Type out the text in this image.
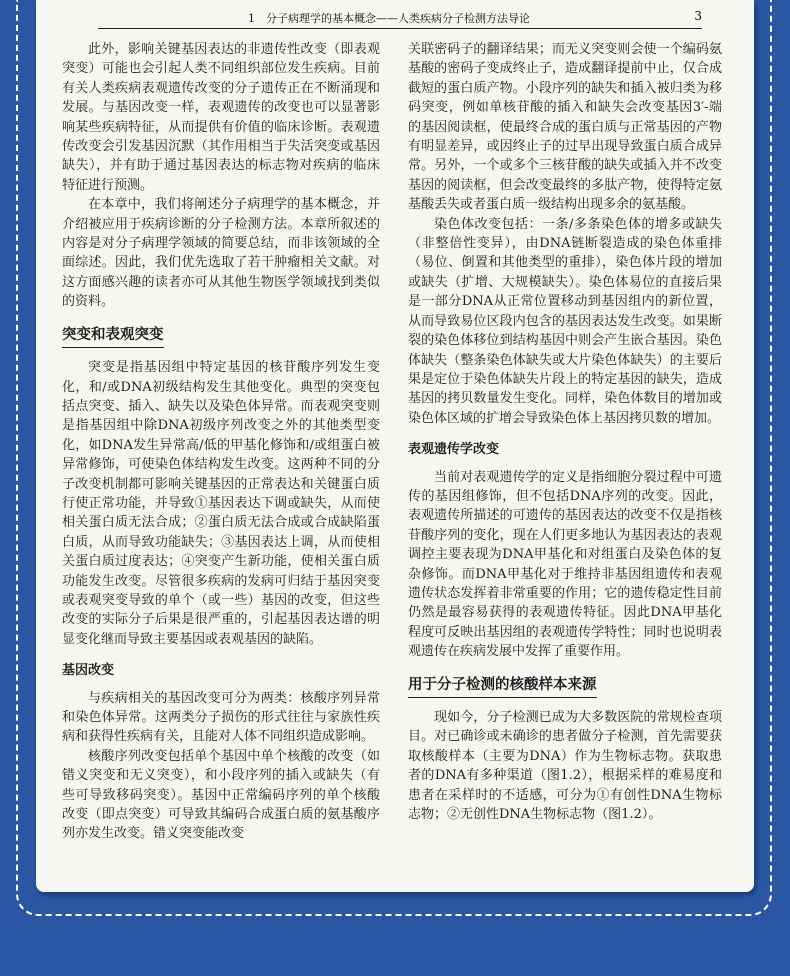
1　分子病理学的基本概念——人类疾病分子检测方法导论	3

此外，影响关键基因表达的非遗传性改变（即表观突变）可能也会引起人类不同组织部位发生疾病。目前有关人类疾病表观遗传改变的分子遗传正在不断涌现和发展。与基因改变一样，表观遗传的改变也可以显著影响某些疾病特征，从而提供有价值的临床诊断。表观遗传改变会引发基因沉默（其作用相当于失活突变或基因缺失），并有助于通过基因表达的标志物对疾病的临床特征进行预测。

在本章中，我们将阐述分子病理学的基本概念，并介绍被应用于疾病诊断的分子检测方法。本章所叙述的内容是对分子病理学领域的简要总结，而非该领域的全面综述。因此，我们优先选取了若干肿瘤相关文献。对这方面感兴趣的读者亦可从其他生物医学领域找到类似的资料。

突变和表观突变

突变是指基因组中特定基因的核苷酸序列发生变化，和/或DNA初级结构发生其他变化。典型的突变包括点突变、插入、缺失以及染色体异常。而表观突变则是指基因组中除DNA初级序列改变之外的其他类型变化，如DNA发生异常高/低的甲基化修饰和/或组蛋白被异常修饰，可使染色体结构发生改变。这两种不同的分子改变机制都可影响关键基因的正常表达和关键蛋白质行使正常功能，并导致①基因表达下调或缺失，从而使相关蛋白质无法合成；②蛋白质无法合成或合成缺陷蛋白质，从而导致功能缺失；③基因表达上调，从而使相关蛋白质过度表达；④突变产生新功能，使相关蛋白质功能发生改变。尽管很多疾病的发病可归结于基因突变或表观突变导致的单个（或一些）基因的改变，但这些改变的实际分子后果是很严重的，引起基因表达谱的明显变化继而导致主要基因或表观基因的缺陷。

基因改变

与疾病相关的基因改变可分为两类：核酸序列异常和染色体异常。这两类分子损伤的形式往往与家族性疾病和获得性疾病有关，且能对人体不同组织造成影响。

核酸序列改变包括单个基因中单个核酸的改变（如错义突变和无义突变），和小段序列的插入或缺失（有些可导致移码突变）。基因中正常编码序列的单个核酸改变（即点突变）可导致其编码合成蛋白质的氨基酸序列亦发生改变。错义突变能改变

关联密码子的翻译结果；而无义突变则会使一个编码氨基酸的密码子变成终止子，造成翻译提前中止，仅合成截短的蛋白质产物。小段序列的缺失和插入被归类为移码突变，例如单核苷酸的插入和缺失会改变基因3′-端的基因阅读框，使最终合成的蛋白质与正常基因的产物有明显差异，或因终止子的过早出现导致蛋白质合成异常。另外，一个或多个三核苷酸的缺失或插入并不改变基因的阅读框，但会改变最终的多肽产物，使得特定氨基酸丢失或者蛋白质一级结构出现多余的氨基酸。

染色体改变包括：一条/多条染色体的增多或缺失（非整倍性变异），由DNA链断裂造成的染色体重排（易位、倒置和其他类型的重排），染色体片段的增加或缺失（扩增、大规模缺失）。染色体易位的直接后果是一部分DNA从正常位置移动到基因组内的新位置，从而导致易位区段内包含的基因表达发生改变。如果断裂的染色体移位到结构基因中则会产生嵌合基因。染色体缺失（整条染色体缺失或大片染色体缺失）的主要后果是定位于染色体缺失片段上的特定基因的缺失，造成基因的拷贝数量发生变化。同样，染色体数目的增加或染色体区域的扩增会导致染色体上基因拷贝数的增加。

表观遗传学改变

当前对表观遗传学的定义是指细胞分裂过程中可遗传的基因组修饰，但不包括DNA序列的改变。因此，表观遗传所描述的可遗传的基因表达的改变不仅是指核苷酸序列的变化，现在人们更多地认为基因表达的表观调控主要表现为DNA甲基化和对组蛋白及染色体的复杂修饰。而DNA甲基化对于维持非基因组遗传和表观遗传状态发挥着非常重要的作用；它的遗传稳定性目前仍然是最容易获得的表观遗传特征。因此DNA甲基化程度可反映出基因组的表观遗传学特性；同时也说明表观遗传在疾病发展中发挥了重要作用。

用于分子检测的核酸样本来源

现如今，分子检测已成为大多数医院的常规检查项目。对已确诊或未确诊的患者做分子检测，首先需要获取核酸样本（主要为DNA）作为生物标志物。获取患者的DNA有多种渠道（图1.2），根据采样的难易度和患者在采样时的不适感，可分为①有创性DNA生物标志物；②无创性DNA生物标志物（图1.2）。
